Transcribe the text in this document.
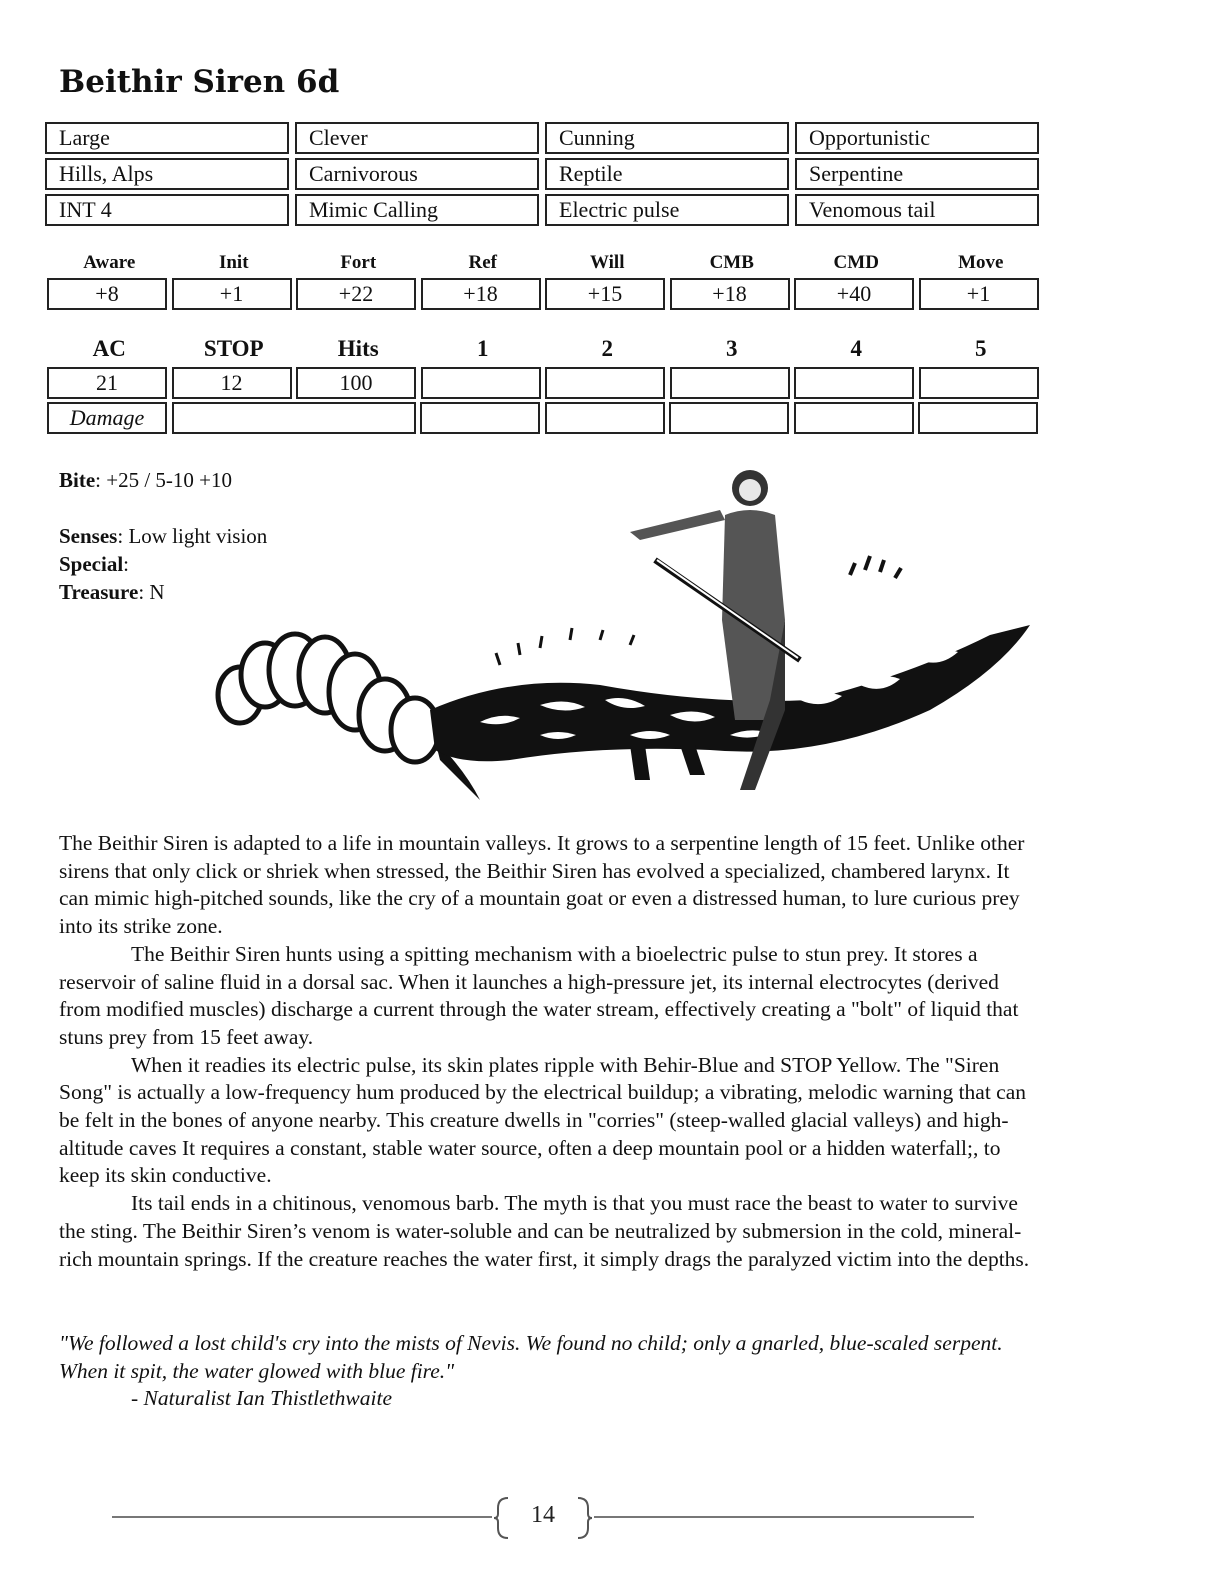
Beithir Siren 6d
Large	Clever	Cunning	Opportunistic
Hills, Alps	Carnivorous	Reptile	Serpentine
INT 4	Mimic Calling	Electric pulse	Venomous tail
Aware	Init	Fort	Ref	Will	CMB	CMD	Move
+8	+1	+22	+18	+15	+18	+40	+1
AC	STOP	Hits	1	2	3	4	5
21	12	100
Damage
Bite: +25 / 5-10 +10
Senses: Low light vision
Special:
Treasure: N

The Beithir Siren is adapted to a life in mountain valleys. It grows to a serpentine length of 15 feet. Unlike other sirens that only click or shriek when stressed, the Beithir Siren has evolved a specialized, chambered larynx. It can mimic high-pitched sounds, like the cry of a mountain goat or even a distressed human, to lure curious prey into its strike zone.

The Beithir Siren hunts using a spitting mechanism with a bioelectric pulse to stun prey. It stores a reservoir of saline fluid in a dorsal sac. When it launches a high-pressure jet, its internal electrocytes (derived from modified muscles) discharge a current through the water stream, effectively creating a "bolt" of liquid that stuns prey from 15 feet away.

When it readies its electric pulse, its skin plates ripple with Behir-Blue and STOP Yellow. The "Siren Song" is actually a low-frequency hum produced by the electrical buildup; a vibrating, melodic warning that can be felt in the bones of anyone nearby. This creature dwells in "corries" (steep-walled glacial valleys) and high-altitude caves It requires a constant, stable water source, often a deep mountain pool or a hidden waterfall;, to keep its skin conductive.

Its tail ends in a chitinous, venomous barb. The myth is that you must race the beast to water to survive the sting. The Beithir Siren’s venom is water-soluble and can be neutralized by submersion in the cold, mineral-rich mountain springs. If the creature reaches the water first, it simply drags the paralyzed victim into the depths.

"We followed a lost child's cry into the mists of Nevis. We found no child; only a gnarled, blue-scaled serpent. When it spit, the water glowed with blue fire."

- Naturalist Ian Thistlethwaite

14
